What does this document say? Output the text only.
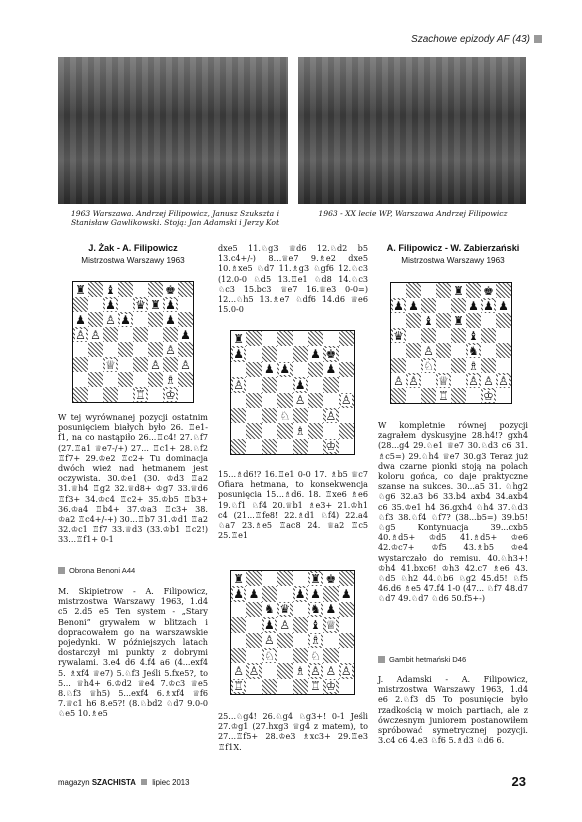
Szachowe epizody AF (43)
1963 Warszawa. Andrzej Filipowicz, Janusz Szukszta i Stanisław Gawlikowski. Stoją: Jan Adamski i Jerzy Kot
1963 - XX lecie WP, Warszawa Andrzej Filipowicz
J. Żak - A. Filipowicz
Mistrzostwa Warszawy 1963
♜ ♝	♚
♟ ♛ ♜ ♟
♟ ♙ ♟	♟
♙ ♙	♟
♙
♕	♙ ♙
♗
♖ ♔
W tej wyrównanej pozycji ostatnim posunięciem białych było 26. ♖e1-f1, na co nastąpiło 26...♖c4! 27.♘f7 (27.♖a1 ♕e7-/+) 27... ♖c1+ 28.♘f2 ♖f7+ 29.♔e2 ♖c2+ Tu dominacja dwóch wież nad hetmanem jest oczywista. 30.♔e1 (30. ♔d3 ♖a2 31.♕h4 ♖g2 32.♕d8+ ♔g7 33.♕d6 ♖f3+ 34.♔c4 ♖c2+ 35.♔b5 ♖b3+ 36.♔a4 ♖b4+ 37.♔a3 ♖c3+ 38. ♔a2 ♖c4+/-+) 30...♖b7 31.♔d1 ♖a2 32.♔c1 ♖f7 33.♕d3 (33.♔b1 ♖c2!) 33...♖f1+ 0-1
Obrona Benoni A44
M. Skipietrow - A. Filipowicz, mistrzostwa Warszawy 1963, 1.d4 c5 2.d5 e5 Ten system - „Stary Benoni” grywałem w blitzach i dopracowałem go na warszawskie pojedynki. W późniejszych latach dostarczył mi punkty z dobrymi rywalami. 3.e4 d6 4.f4 a6 (4...exf4 5. ♗xf4 ♕e7) 5.♘f3 Jeśli 5.fxe5?, to 5... ♕h4+ 6.♔d2 ♕e4 7.♔c3 ♕e5 8.♘f3 ♕h5) 5...exf4 6.♗xf4 ♕f6 7.♕c1 h6 8.e5?! (8.♘bd2 ♘d7 9.0-0 ♘e5 10.♗e5
dxe5 11.♘g3 ♕d6 12.♘d2 b5 13.c4+/-) 8...♕e7 9.♗e2 dxe5 10.♗xe5 ♘d7 11.♗g3 ♘gf6 12.♘c3 (12.0-0 ♘d5 13.♖e1 ♘d8 14.♘c3 ♘c3 15.bc3 ♕e7 16.♕e3 0-0=) 12...♘h5 13.♗e7 ♘df6 14.d6 ♕e6 15.0-0
♜
♟	♟ ♚
♟ ♟	♟
♙	♟
♙	♙
♘	♙
♗
♔
15...♗d6!? 16.♖e1 0-0 17. ♗b5 ♕c7 Ofiara hetmana, to konsekwencja posunięcia 15...♗d6. 18. ♖xe6 ♗e6 19.♘f1 ♘f4 20.♕b1 ♗e3+ 21.♔h1 c4 (21...♖fe8! 22.♗d1 ♘f4) 22.a4 ♘a7 23.♗e5 ♖ac8 24. ♕a2 ♖c5 25.♖e1
♜	♜ ♚
♟ ♟	♟ ♟ ♟
♞ ♛ ♞ ♟
♟ ♙ ♝ ♕
♙	♗
♘	♘
♙ ♙	♗ ♙ ♙ ♙
♖	♖ ♔
25...♘g4! 26.♘g4 ♘g3+! 0-1 Jeśli 27.♔g1 (27.hxg3 ♕g4 z matem), to 27...♖f5+ 28.♔e3 ♗xc3+ 29.♖e3 ♖f1X.
A. Filipowicz - W. Zabierzański
Mistrzostwa Warszawy 1963
♜ ♚
♟ ♟	♟ ♟ ♟
♝ ♜
♛	♝
♙	♞
♘	♗
♙ ♙ ♕ ♙ ♙ ♙
♖	♔
W kompletnie równej pozycji zagrałem dyskusyjne 28.h4!? gxh4 (28...g4 29.♘e1 ♕e7 30.♘d3 c6 31. ♗c5=) 29.♘h4 ♕e7 30.g3 Teraz już dwa czarne pionki stoją na polach koloru gońca, co daje praktyczne szanse na sukces. 30...a5 31. ♘hg2 ♘g6 32.a3 b6 33.b4 axb4 34.axb4 c6 35.♔e1 h4 36.gxh4 ♘h4 37.♘d3 ♘f3 38.♘f4 ♘f7? (38...b5=) 39.b5! ♘g5 Kontynuacja 39...cxb5 40.♗d5+ ♔d5 41.♗d5+ ♔e6 42.♔c7+ ♔f5 43.♗b5 ♔e4 wystarczało do remisu. 40.♘h3+! ♔h4 41.bxc6! ♔h3 42.c7 ♗e6 43. ♘d5 ♘h2 44.♘b6 ♘g2 45.d5! ♘f5 46.d6 ♗e5 47.f4 1-0 (47... ♘f7 48.d7 ♘d7 49.♘d7 ♘d6 50.f5+-)
Gambit hetmański D46
J. Adamski - A. Filipowicz, mistrzostwa Warszawy 1963, 1.d4 e6 2.♘f3 d5 To posunięcie było rzadkością w moich partiach, ale z ówczesnym juniorem postanowiłem spróbować symetrycznej pozycji. 3.c4 c6 4.e3 ♘f6 5.♗d3 ♘d6 6.
magazyn SZACHISTA lipiec 2013	23
